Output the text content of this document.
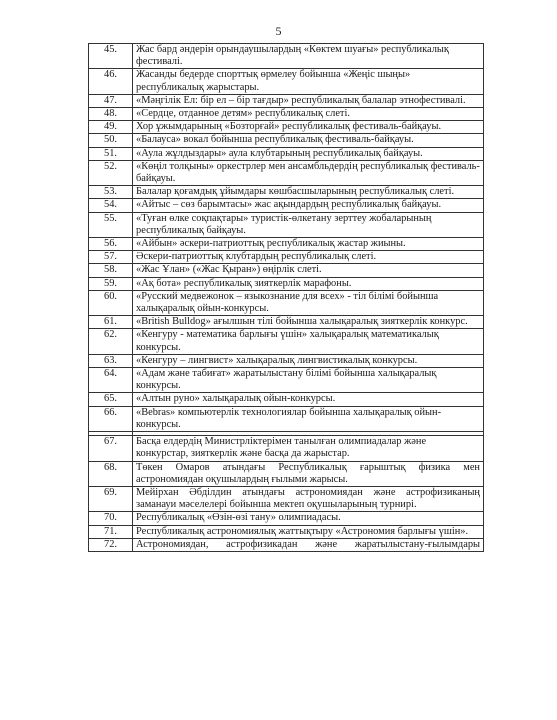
5
45.	Жас бард әндерін орындаушылардың «Көктем шуағы» республикалық фестивалі.
46.	Жасанды бедерде спорттық өрмелеу бойынша «Жеңіс шыңы» республикалық жарыстары.
47.	«Мәңгілік Ел: бір ел – бір тағдыр» республикалық балалар этнофестивалі.
48.	«Сердце, отданное детям» республикалық слеті.
49.	Хор ұжымдарының «Бозторғай» республикалық фестиваль-байқауы.
50.	«Балауса» вокал бойынша республикалық фестиваль-байқауы.
51.	«Аула жұлдыздары» аула клубтарының республикалық байқауы.
52.	«Көңіл толқыны» оркестрлер мен ансамбльдердің республикалық фестиваль-байқауы.
53.	Балалар қоғамдық ұйымдары көшбасшыларының республикалық слеті.
54.	«Айтыс – сөз барымтасы» жас ақындардың республикалық байқауы.
55.	«Туған өлке соқпақтары» туристік-өлкетану зерттеу жобаларының республикалық байқауы.
56.	«Айбын» әскери-патриоттық республикалық жастар жиыны.
57.	Әскери-патриоттық клубтардың республикалық слеті.
58.	«Жас Ұлан» («Жас Қыран») өңірлік слеті.
59.	«Ақ бота» республикалық зияткерлік марафоны.
60.	«Русский медвежонок – языкознание для всех» - тіл білімі бойынша халықаралық ойын-конкурсы.
61.	«British Bulldog» ағылшын тілі бойынша халықаралық зияткерлік конкурс.
62.	«Кенгуру - математика барлығы үшін» халықаралық математикалық конкурсы.
63.	«Кенгуру – лингвист» халықаралық лингвистикалық конкурсы.
64.	«Адам және табиғат» жаратылыстану білімі бойынша халықаралық конкурсы.
65.	«Алтын руно» халықаралық ойын-конкурсы.
66.	«Bebras» компьютерлік технологиялар бойынша халықаралық ойын-конкурсы.

67.	Басқа елдердің Министрліктерімен танылған олимпиадалар және конкурстар, зияткерлік және басқа да жарыстар.
68.	Төкен Омаров атындағы Республикалық ғарыштық физика мен астрономиядан оқушылардың ғылыми жарысы.
69.	Мейірхан Әбділдин атындағы астрономиядан және астрофизиканың заманауи мәселелері бойынша мектеп оқушыларының турнирі.
70.	Республикалық «Өзін-өзі тану» олимпиадасы.
71.	Республикалық астрономиялық жаттықтыру «Астрономия барлығы үшін».
72.	Астрономиядан, астрофизикадан және жаратылыстану-ғылымдары
